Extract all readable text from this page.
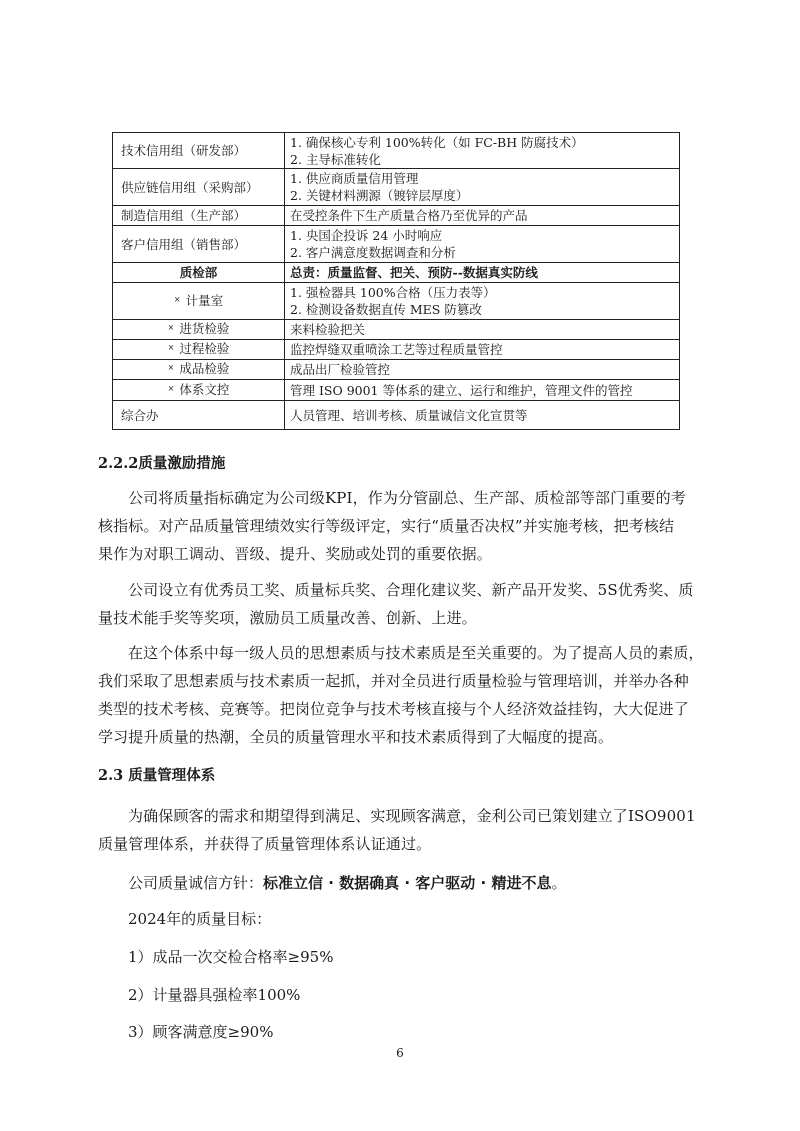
技术信用组（研发部）	1. 确保核心专利 100%转化（如 FC-BH 防腐技术）
2. 主导标准转化

供应链信用组（采购部）	1. 供应商质量信用管理
2. 关键材料溯源（镀锌层厚度）

制造信用组（生产部）	在受控条件下生产质量合格乃至优异的产品

客户信用组（销售部）	1. 央国企投诉 24 小时响应
2. 客户满意度数据调查和分析

质检部	总责：质量监督、把关、预防--数据真实防线

× 计量室	1. 强检器具 100%合格（压力表等）
2. 检测设备数据直传 MES 防篡改

× 进货检验	来料检验把关

× 过程检验	监控焊缝双重喷涂工艺等过程质量管控

× 成品检验	成品出厂检验管控

× 体系文控	管理 ISO 9001 等体系的建立、运行和维护，管理文件的管控

综合办	人员管理、培训考核、质量诚信文化宣贯等
2.2.2质量激励措施
公司将质量指标确定为公司级KPI，作为分管副总、生产部、质检部等部门重要的考
核指标。对产品质量管理绩效实行等级评定，实行“质量否决权”并实施考核，把考核结
果作为对职工调动、晋级、提升、奖励或处罚的重要依据。
公司设立有优秀员工奖、质量标兵奖、合理化建议奖、新产品开发奖、5S优秀奖、质
量技术能手奖等奖项，激励员工质量改善、创新、上进。
在这个体系中每一级人员的思想素质与技术素质是至关重要的。为了提高人员的素质，
我们采取了思想素质与技术素质一起抓，并对全员进行质量检验与管理培训，并举办各种
类型的技术考核、竞赛等。把岗位竞争与技术考核直接与个人经济效益挂钩，大大促进了
学习提升质量的热潮，全员的质量管理水平和技术素质得到了大幅度的提高。
2.3 质量管理体系
为确保顾客的需求和期望得到满足、实现顾客满意，金利公司已策划建立了ISO9001
质量管理体系，并获得了质量管理体系认证通过。
公司质量诚信方针：标准立信 · 数据确真 · 客户驱动 · 精进不息。
2024年的质量目标：
1）成品一次交检合格率≥95%
2）计量器具强检率100%
3）顾客满意度≥90%
6
